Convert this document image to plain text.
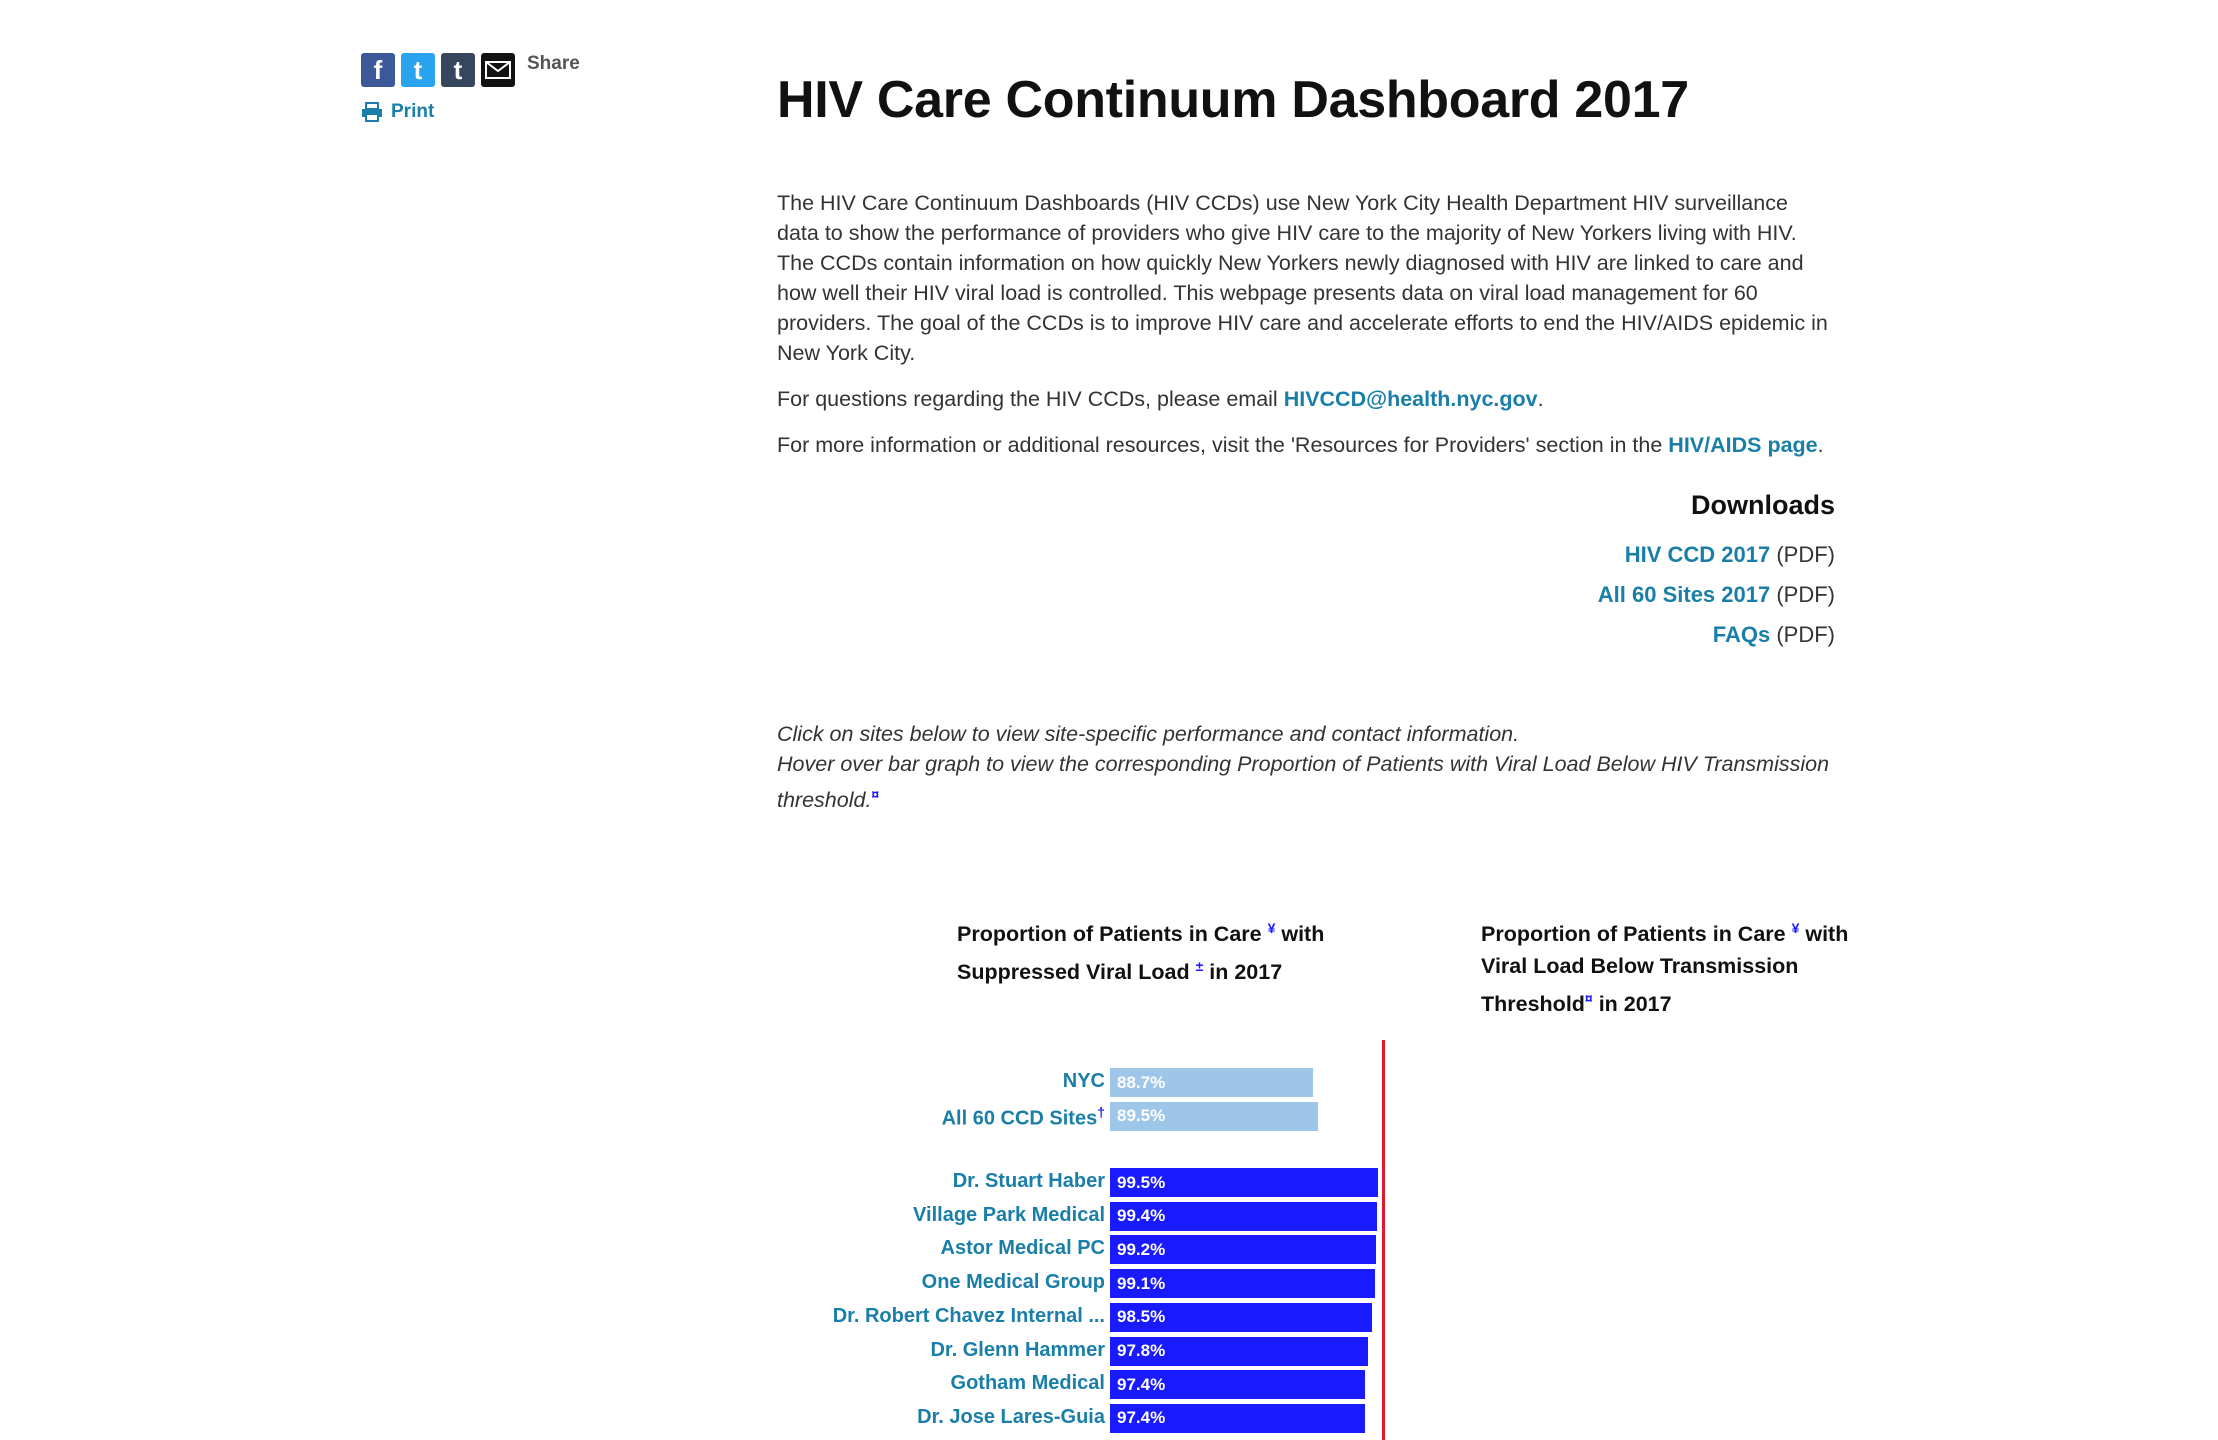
f	t	t	Share
Print	HIV Care Continuum Dashboard 2017

The HIV Care Continuum Dashboards (HIV CCDs) use New York City Health Department HIV surveillance data to show the performance of providers who give HIV care to the majority of New Yorkers living with HIV. The CCDs contain information on how quickly New Yorkers newly diagnosed with HIV are linked to care and how well their HIV viral load is controlled. This webpage presents data on viral load management for 60 providers. The goal of the CCDs is to improve HIV care and accelerate efforts to end the HIV/AIDS epidemic in New York City.

For questions regarding the HIV CCDs, please email HIVCCD@health.nyc.gov.

For more information or additional resources, visit the 'Resources for Providers' section in the HIV/AIDS page.

Downloads
HIV CCD 2017 (PDF)
All 60 Sites 2017 (PDF)
FAQs (PDF)
Click on sites below to view site-specific performance and contact information.
Hover over bar graph to view the corresponding Proportion of Patients with Viral Load Below HIV Transmission threshold.¤
Proportion of Patients in Care ¥ with Suppressed Viral Load ± in 2017
Proportion of Patients in Care ¥ with Viral Load Below Transmission Threshold¤ in 2017
NYC 88.7%
All 60 CCD Sites† 89.5%
Dr. Stuart Haber 99.5%
Village Park Medical 99.4%
Astor Medical PC 99.2%
One Medical Group 99.1%
Dr. Robert Chavez Internal ... 98.5%
Dr. Glenn Hammer 97.8%
Gotham Medical 97.4%
Dr. Jose Lares-Guia 97.4%
